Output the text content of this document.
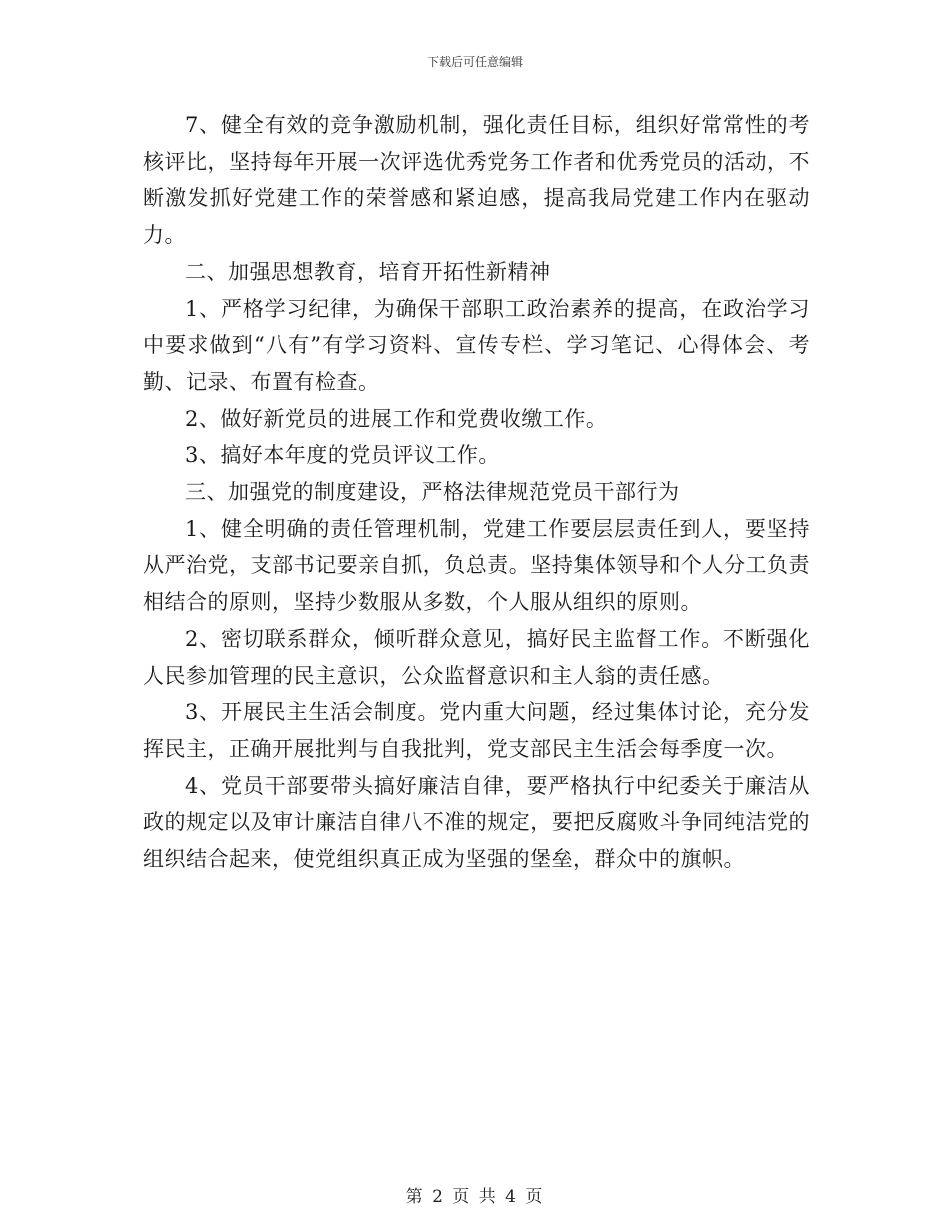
下载后可任意编辑

7、健全有效的竞争激励机制，强化责任目标，组织好常常性的考核评比，坚持每年开展一次评选优秀党务工作者和优秀党员的活动，不断激发抓好党建工作的荣誉感和紧迫感，提高我局党建工作内在驱动力。

二、加强思想教育，培育开拓性新精神

1、严格学习纪律，为确保干部职工政治素养的提高，在政治学习中要求做到“八有”有学习资料、宣传专栏、学习笔记、心得体会、考勤、记录、布置有检查。

2、做好新党员的进展工作和党费收缴工作。

3、搞好本年度的党员评议工作。

三、加强党的制度建设，严格法律规范党员干部行为

1、健全明确的责任管理机制，党建工作要层层责任到人，要坚持从严治党，支部书记要亲自抓，负总责。坚持集体领导和个人分工负责相结合的原则，坚持少数服从多数，个人服从组织的原则。

2、密切联系群众，倾听群众意见，搞好民主监督工作。不断强化人民参加管理的民主意识，公众监督意识和主人翁的责任感。

3、开展民主生活会制度。党内重大问题，经过集体讨论，充分发挥民主，正确开展批判与自我批判，党支部民主生活会每季度一次。

4、党员干部要带头搞好廉洁自律，要严格执行中纪委关于廉洁从政的规定以及审计廉洁自律八不准的规定，要把反腐败斗争同纯洁党的组织结合起来，使党组织真正成为坚强的堡垒，群众中的旗帜。

第 2 页 共 4 页
